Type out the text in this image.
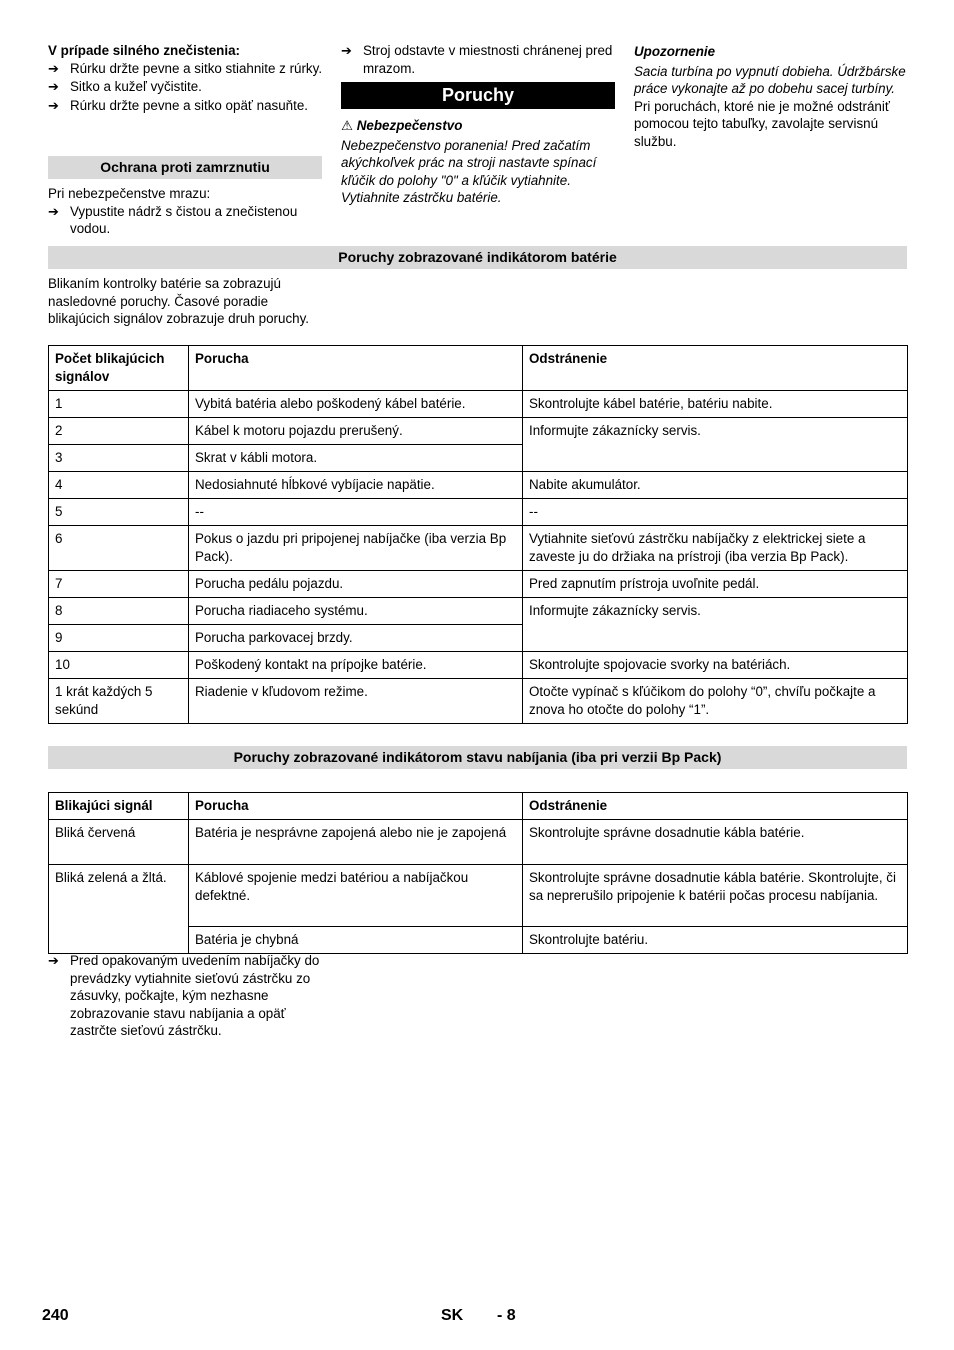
V prípade silného znečistenia:
➔ Rúrku držte pevne a sitko stiahnite z rúrky.
➔ Sitko a kužeľ vyčistite.
➔ Rúrku držte pevne a sitko opäť nasuňte.
Ochrana proti zamrznutiu
Pri nebezpečenstve mrazu:
➔ Vypustite nádrž s čistou a znečistenou vodou.
➔ Stroj odstavte v miestnosti chránenej pred mrazom.
Poruchy
⚠ Nebezpečenstvo
Nebezpečenstvo poranenia! Pred začatím akýchkoľvek prác na stroji nastavte spínací kľúčik do polohy "0" a kľúčik vytiahnite. Vytiahnite zástrčku batérie.
Upozornenie
Sacia turbína po vypnutí dobieha. Údržbárske práce vykonajte až po dobehu sacej turbíny.
Pri poruchách, ktoré nie je možné odstrániť pomocou tejto tabuľky, zavolajte servisnú službu.
Poruchy zobrazované indikátorom batérie
Blikaním kontrolky batérie sa zobrazujú nasledovné poruchy. Časové poradie blikajúcich signálov zobrazuje druh poruchy.
Počet blikajúcich signálov	Porucha	Odstránenie
1	Vybitá batéria alebo poškodený kábel batérie.	Skontrolujte kábel batérie, batériu nabite.
2	Kábel k motoru pojazdu prerušený.	Informujte zákaznícky servis.
3	Skrat v kábli motora.	
4	Nedosiahnuté hĺbkové vybíjacie napätie.	Nabite akumulátor.
5	--	--
6	Pokus o jazdu pri pripojenej nabíjačke (iba verzia Bp Pack).	Vytiahnite sieťovú zástrčku nabíjačky z elektrickej siete a zaveste ju do držiaka na prístroji (iba verzia Bp Pack).
7	Porucha pedálu pojazdu.	Pred zapnutím prístroja uvoľnite pedál.
8	Porucha riadiaceho systému.	Informujte zákaznícky servis.
9	Porucha parkovacej brzdy.	
10	Poškodený kontakt na prípojke batérie.	Skontrolujte spojovacie svorky na batériách.
1 krát každých 5 sekúnd	Riadenie v kľudovom režime.	Otočte vypínač s kľúčikom do polohy “0”, chvíľu počkajte a znova ho otočte do polohy “1”.
Poruchy zobrazované indikátorom stavu nabíjania (iba pri verzii Bp Pack)
Blikajúci signál	Porucha	Odstránenie
Bliká červená	Batéria je nesprávne zapojená alebo nie je zapojená	Skontrolujte správne dosadnutie kábla batérie.
Bliká zelená a žltá.	Káblové spojenie medzi batériou a nabíjačkou defektné.	Skontrolujte správne dosadnutie kábla batérie. Skontrolujte, či sa neprerušilo pripojenie k batérii počas procesu nabíjania.
	Batéria je chybná	Skontrolujte batériu.
➔ Pred opakovaným uvedením nabíjačky do prevádzky vytiahnite sieťovú zástrčku zo zásuvky, počkajte, kým nezhasne zobrazovanie stavu nabíjania a opäť zastrčte sieťovú zástrčku.
240	SK - 8
